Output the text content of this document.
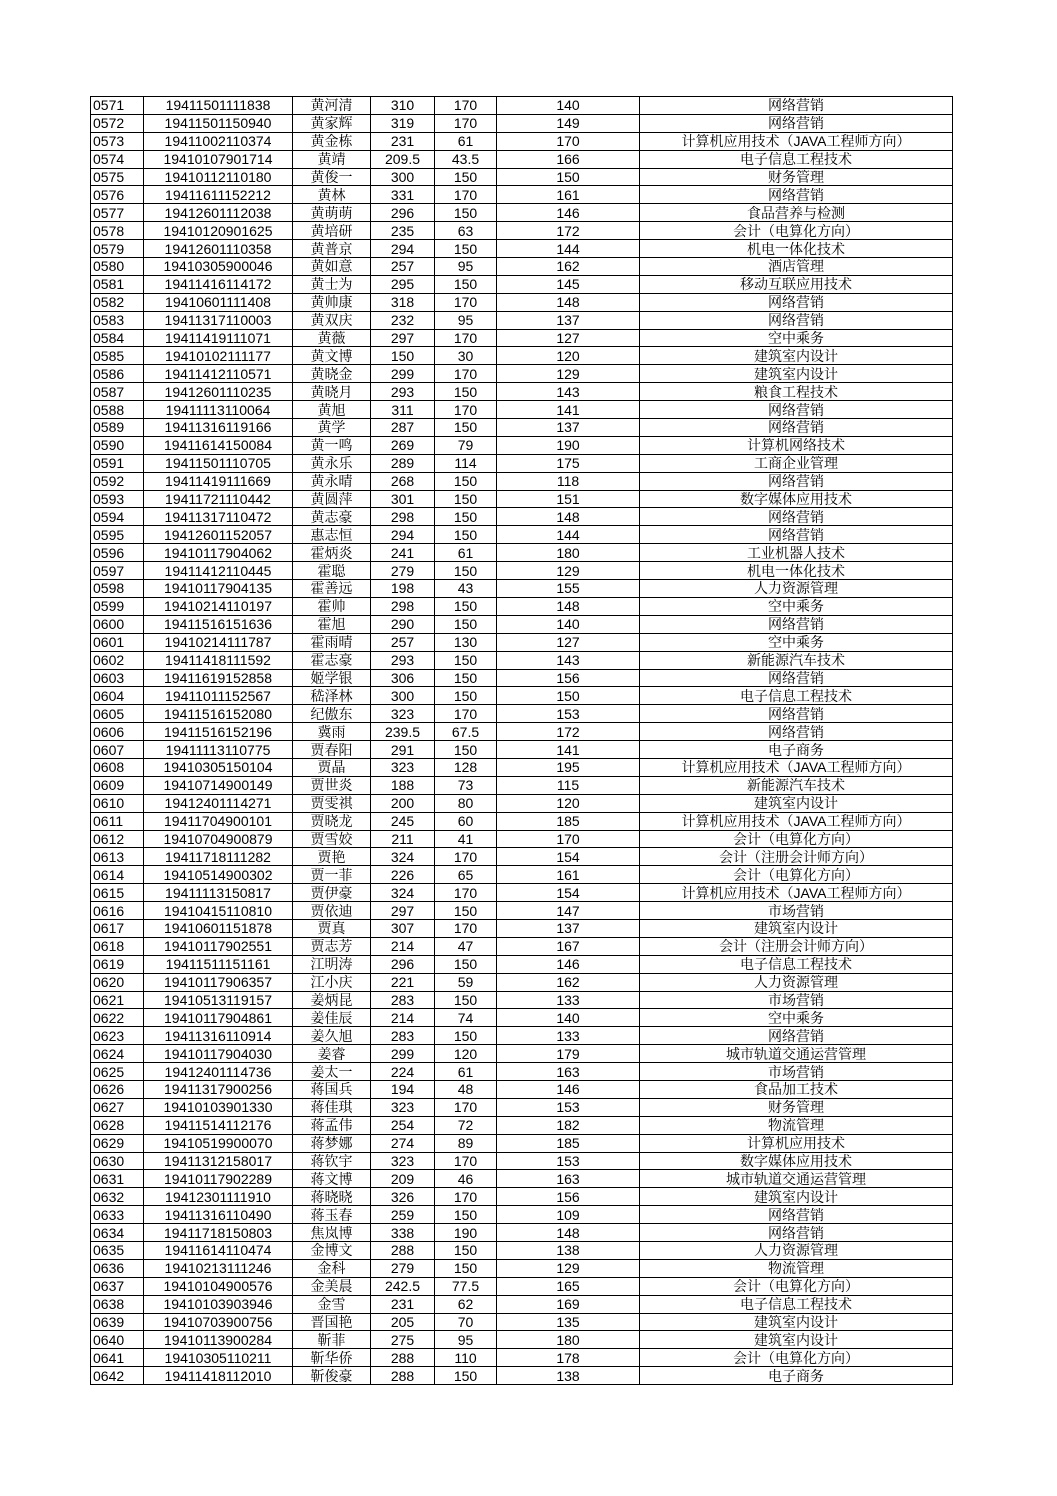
0571	19411501111838	黄河清	310	170	140	网络营销
0572	19411501150940	黄家辉	319	170	149	网络营销
0573	19411002110374	黄金栋	231	61	170	计算机应用技术（JAVA工程师方向）
0574	19410107901714	黄靖	209.5	43.5	166	电子信息工程技术
0575	19410112110180	黄俊一	300	150	150	财务管理
0576	19411611152212	黄林	331	170	161	网络营销
0577	19412601112038	黄萌萌	296	150	146	食品营养与检测
0578	19410120901625	黄培研	235	63	172	会计（电算化方向）
0579	19412601110358	黄普京	294	150	144	机电一体化技术
0580	19410305900046	黄如意	257	95	162	酒店管理
0581	19411416114172	黄士为	295	150	145	移动互联应用技术
0582	19410601111408	黄帅康	318	170	148	网络营销
0583	19411317110003	黄双庆	232	95	137	网络营销
0584	19411419111071	黄薇	297	170	127	空中乘务
0585	19410102111177	黄文博	150	30	120	建筑室内设计
0586	19411412110571	黄晓金	299	170	129	建筑室内设计
0587	19412601110235	黄晓月	293	150	143	粮食工程技术
0588	19411113110064	黄旭	311	170	141	网络营销
0589	19411316119166	黄学	287	150	137	网络营销
0590	19411614150084	黄一鸣	269	79	190	计算机网络技术
0591	19411501110705	黄永乐	289	114	175	工商企业管理
0592	19411419111669	黄永晴	268	150	118	网络营销
0593	19411721110442	黄圆萍	301	150	151	数字媒体应用技术
0594	19411317110472	黄志豪	298	150	148	网络营销
0595	19412601152057	惠志恒	294	150	144	网络营销
0596	19410117904062	霍炳炎	241	61	180	工业机器人技术
0597	19411412110445	霍聪	279	150	129	机电一体化技术
0598	19410117904135	霍善远	198	43	155	人力资源管理
0599	19410214110197	霍帅	298	150	148	空中乘务
0600	19411516151636	霍旭	290	150	140	网络营销
0601	19410214111787	霍雨晴	257	130	127	空中乘务
0602	19411418111592	霍志豪	293	150	143	新能源汽车技术
0603	19411619152858	姬学银	306	150	156	网络营销
0604	19411011152567	嵇泽林	300	150	150	电子信息工程技术
0605	19411516152080	纪傲东	323	170	153	网络营销
0606	19411516152196	冀雨	239.5	67.5	172	网络营销
0607	19411113110775	贾春阳	291	150	141	电子商务
0608	19410305150104	贾晶	323	128	195	计算机应用技术（JAVA工程师方向）
0609	19410714900149	贾世炎	188	73	115	新能源汽车技术
0610	19412401114271	贾雯祺	200	80	120	建筑室内设计
0611	19411704900101	贾晓龙	245	60	185	计算机应用技术（JAVA工程师方向）
0612	19410704900879	贾雪姣	211	41	170	会计（电算化方向）
0613	19411718111282	贾艳	324	170	154	会计（注册会计师方向）
0614	19410514900302	贾一菲	226	65	161	会计（电算化方向）
0615	19411113150817	贾伊豪	324	170	154	计算机应用技术（JAVA工程师方向）
0616	19410415110810	贾依迪	297	150	147	市场营销
0617	19410601151878	贾真	307	170	137	建筑室内设计
0618	19410117902551	贾志芳	214	47	167	会计（注册会计师方向）
0619	19411511151161	江明涛	296	150	146	电子信息工程技术
0620	19410117906357	江小庆	221	59	162	人力资源管理
0621	19410513119157	姜炳昆	283	150	133	市场营销
0622	19410117904861	姜佳辰	214	74	140	空中乘务
0623	19411316110914	姜久旭	283	150	133	网络营销
0624	19410117904030	姜睿	299	120	179	城市轨道交通运营管理
0625	19412401114736	姜太一	224	61	163	市场营销
0626	19411317900256	蒋国兵	194	48	146	食品加工技术
0627	19410103901330	蒋佳琪	323	170	153	财务管理
0628	19411514112176	蒋孟伟	254	72	182	物流管理
0629	19410519900070	蒋梦娜	274	89	185	计算机应用技术
0630	19411312158017	蒋钦宇	323	170	153	数字媒体应用技术
0631	19410117902289	蒋文博	209	46	163	城市轨道交通运营管理
0632	19412301111910	蒋晓晓	326	170	156	建筑室内设计
0633	19411316110490	蒋玉春	259	150	109	网络营销
0634	19411718150803	焦岚博	338	190	148	网络营销
0635	19411614110474	金博文	288	150	138	人力资源管理
0636	19410213111246	金科	279	150	129	物流管理
0637	19410104900576	金美晨	242.5	77.5	165	会计（电算化方向）
0638	19410103903946	金雪	231	62	169	电子信息工程技术
0639	19410703900756	晋国艳	205	70	135	建筑室内设计
0640	19410113900284	靳菲	275	95	180	建筑室内设计
0641	19410305110211	靳华侨	288	110	178	会计（电算化方向）
0642	19411418112010	靳俊豪	288	150	138	电子商务
